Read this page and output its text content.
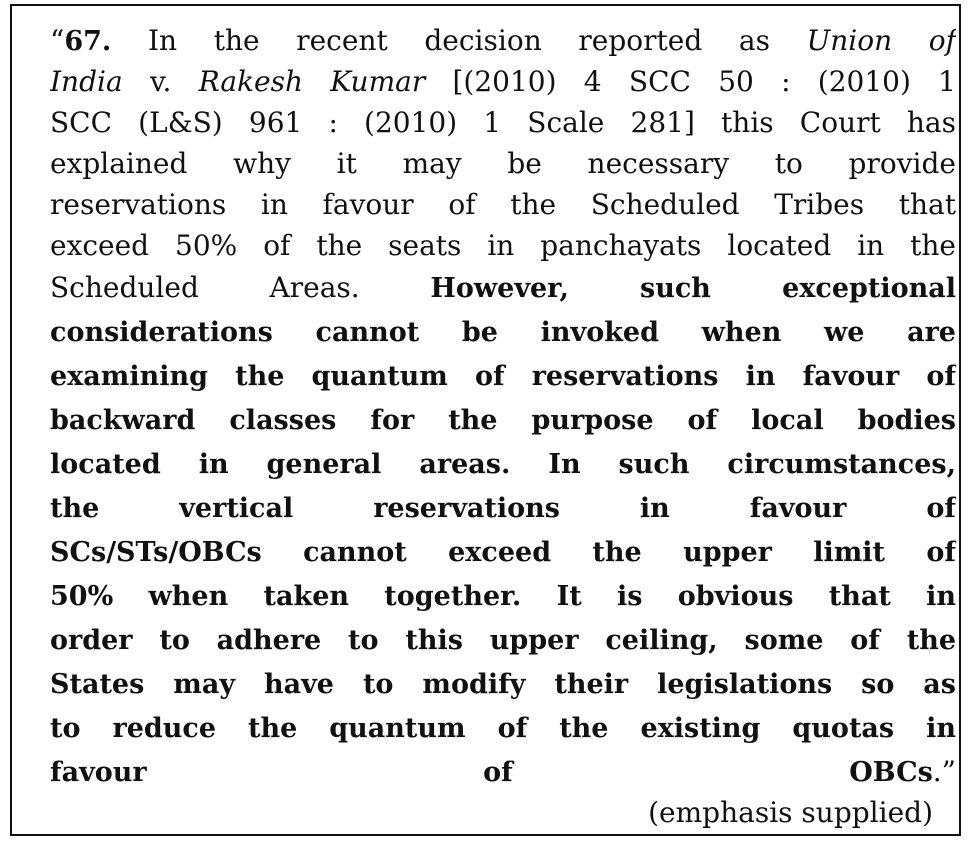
“67. In the recent decision reported as Union of
India v. Rakesh Kumar [(2010) 4 SCC 50 : (2010) 1
SCC (L&S) 961 : (2010) 1 Scale 281] this Court has
explained why it may be necessary to provide
reservations in favour of the Scheduled Tribes that
exceed 50% of the seats in panchayats located in the
Scheduled Areas. However, such exceptional
considerations cannot be invoked when we are
examining the quantum of reservations in favour of
backward classes for the purpose of local bodies
located in general areas. In such circumstances,
the vertical reservations in favour of
SCs/STs/OBCs cannot exceed the upper limit of
50% when taken together. It is obvious that in
order to adhere to this upper ceiling, some of the
States may have to modify their legislations so as
to reduce the quantum of the existing quotas in
favour of OBCs.”
(emphasis supplied)
